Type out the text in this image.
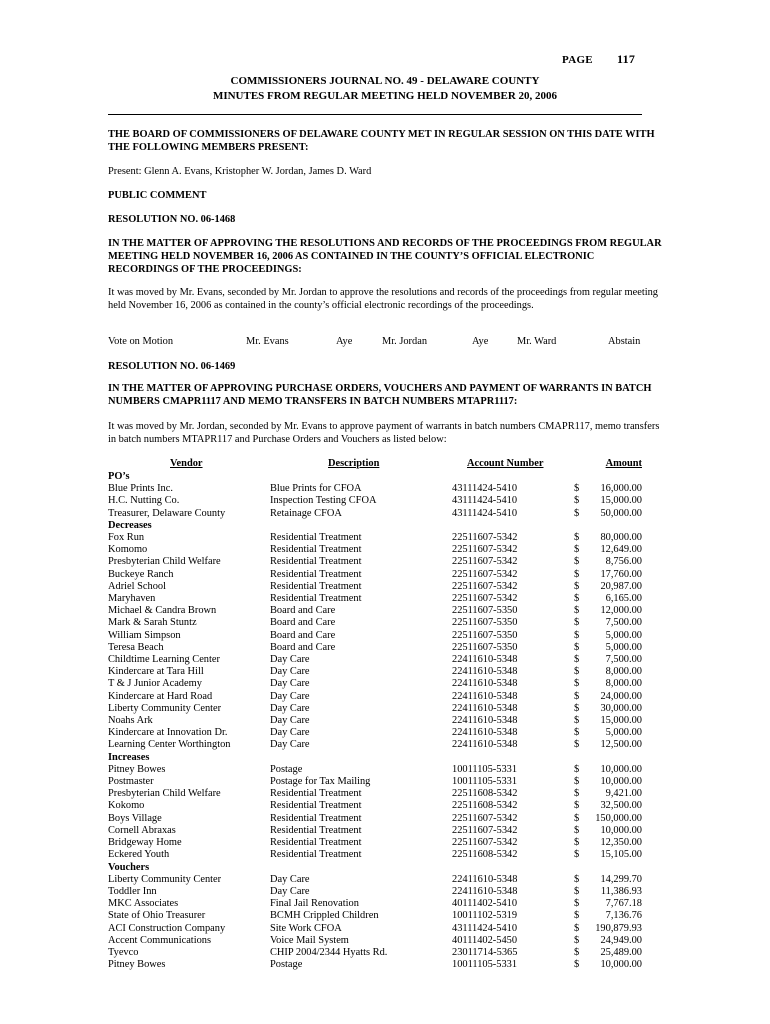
PAGE 117
COMMISSIONERS JOURNAL NO. 49 - DELAWARE COUNTY
MINUTES FROM REGULAR MEETING HELD NOVEMBER 20, 2006
THE BOARD OF COMMISSIONERS OF DELAWARE COUNTY MET IN REGULAR SESSION ON THIS DATE WITH THE FOLLOWING MEMBERS PRESENT:
Present: Glenn A. Evans, Kristopher W. Jordan, James D. Ward
PUBLIC COMMENT
RESOLUTION NO. 06-1468
IN THE MATTER OF APPROVING THE RESOLUTIONS AND RECORDS OF THE PROCEEDINGS FROM REGULAR MEETING HELD NOVEMBER 16, 2006 AS CONTAINED IN THE COUNTY’S OFFICIAL ELECTRONIC RECORDINGS OF THE PROCEEDINGS:
It was moved by Mr. Evans, seconded by Mr. Jordan to approve the resolutions and records of the proceedings from regular meeting held November 16, 2006 as contained in the county’s official electronic recordings of the proceedings.
Vote on Motion	Mr. Evans	Aye	Mr. Jordan	Aye	Mr. Ward	Abstain
RESOLUTION NO. 06-1469
IN THE MATTER OF APPROVING PURCHASE ORDERS, VOUCHERS AND PAYMENT OF WARRANTS IN BATCH NUMBERS CMAPR1117 AND MEMO TRANSFERS IN BATCH NUMBERS MTAPR1117:
It was moved by Mr. Jordan, seconded by Mr. Evans to approve payment of warrants in batch numbers CMAPR117, memo transfers in batch numbers MTAPR117 and Purchase Orders and Vouchers as listed below:
Vendor	Description	Account Number		Amount
PO’s				
Blue Prints Inc.	Blue Prints for CFOA	43111424-5410	$	16,000.00
H.C. Nutting Co.	Inspection Testing CFOA	43111424-5410	$	15,000.00
Treasurer, Delaware County	Retainage CFOA	43111424-5410	$	50,000.00
Decreases				
Fox Run	Residential Treatment	22511607-5342	$	80,000.00
Komomo	Residential Treatment	22511607-5342	$	12,649.00
Presbyterian Child Welfare	Residential Treatment	22511607-5342	$	8,756.00
Buckeye Ranch	Residential Treatment	22511607-5342	$	17,760.00
Adriel School	Residential Treatment	22511607-5342	$	20,987.00
Maryhaven	Residential Treatment	22511607-5342	$	6,165.00
Michael & Candra Brown	Board and Care	22511607-5350	$	12,000.00
Mark & Sarah Stuntz	Board and Care	22511607-5350	$	7,500.00
William Simpson	Board and Care	22511607-5350	$	5,000.00
Teresa Beach	Board and Care	22511607-5350	$	5,000.00
Childtime Learning Center	Day Care	22411610-5348	$	7,500.00
Kindercare at Tara Hill	Day Care	22411610-5348	$	8,000.00
T & J Junior Academy	Day Care	22411610-5348	$	8,000.00
Kindercare at Hard Road	Day Care	22411610-5348	$	24,000.00
Liberty Community Center	Day Care	22411610-5348	$	30,000.00
Noahs Ark	Day Care	22411610-5348	$	15,000.00
Kindercare at Innovation Dr.	Day Care	22411610-5348	$	5,000.00
Learning Center Worthington	Day Care	22411610-5348	$	12,500.00
Increases				
Pitney Bowes	Postage	10011105-5331	$	10,000.00
Postmaster	Postage for Tax Mailing	10011105-5331	$	10,000.00
Presbyterian Child Welfare	Residential Treatment	22511608-5342	$	9,421.00
Kokomo	Residential Treatment	22511608-5342	$	32,500.00
Boys Village	Residential Treatment	22511607-5342	$	150,000.00
Cornell Abraxas	Residential Treatment	22511607-5342	$	10,000.00
Bridgeway Home	Residential Treatment	22511607-5342	$	12,350.00
Eckered Youth	Residential Treatment	22511608-5342	$	15,105.00
Vouchers				
Liberty Community Center	Day Care	22411610-5348	$	14,299.70
Toddler Inn	Day Care	22411610-5348	$	11,386.93
MKC Associates	Final Jail Renovation	40111402-5410	$	7,767.18
State of Ohio Treasurer	BCMH Crippled Children	10011102-5319	$	7,136.76
ACI Construction Company	Site Work CFOA	43111424-5410	$	190,879.93
Accent Communications	Voice Mail System	40111402-5450	$	24,949.00
Tyevco	CHIP 2004/2344 Hyatts Rd.	23011714-5365	$	25,489.00
Pitney Bowes	Postage	10011105-5331	$	10,000.00
